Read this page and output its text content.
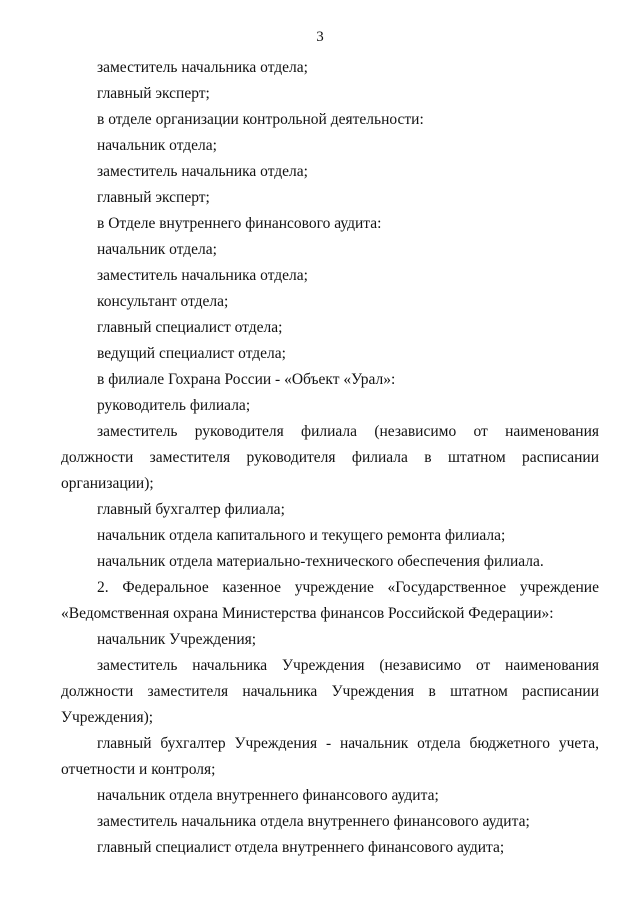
3

заместитель начальника отдела;

главный эксперт;

в отделе организации контрольной деятельности:

начальник отдела;

заместитель начальника отдела;

главный эксперт;

в Отделе внутреннего финансового аудита:

начальник отдела;

заместитель начальника отдела;

консультант отдела;

главный специалист отдела;

ведущий специалист отдела;

в филиале Гохрана России - «Объект «Урал»:

руководитель филиала;

заместитель руководителя филиала (независимо от наименования должности заместителя руководителя филиала в штатном расписании организации);

главный бухгалтер филиала;

начальник отдела капитального и текущего ремонта филиала;

начальник отдела материально-технического обеспечения филиала.

2. Федеральное казенное учреждение «Государственное учреждение «Ведомственная охрана Министерства финансов Российской Федерации»:

начальник Учреждения;

заместитель начальника Учреждения (независимо от наименования должности заместителя начальника Учреждения в штатном расписании Учреждения);

главный бухгалтер Учреждения - начальник отдела бюджетного учета, отчетности и контроля;

начальник отдела внутреннего финансового аудита;

заместитель начальника отдела внутреннего финансового аудита;

главный специалист отдела внутреннего финансового аудита;
